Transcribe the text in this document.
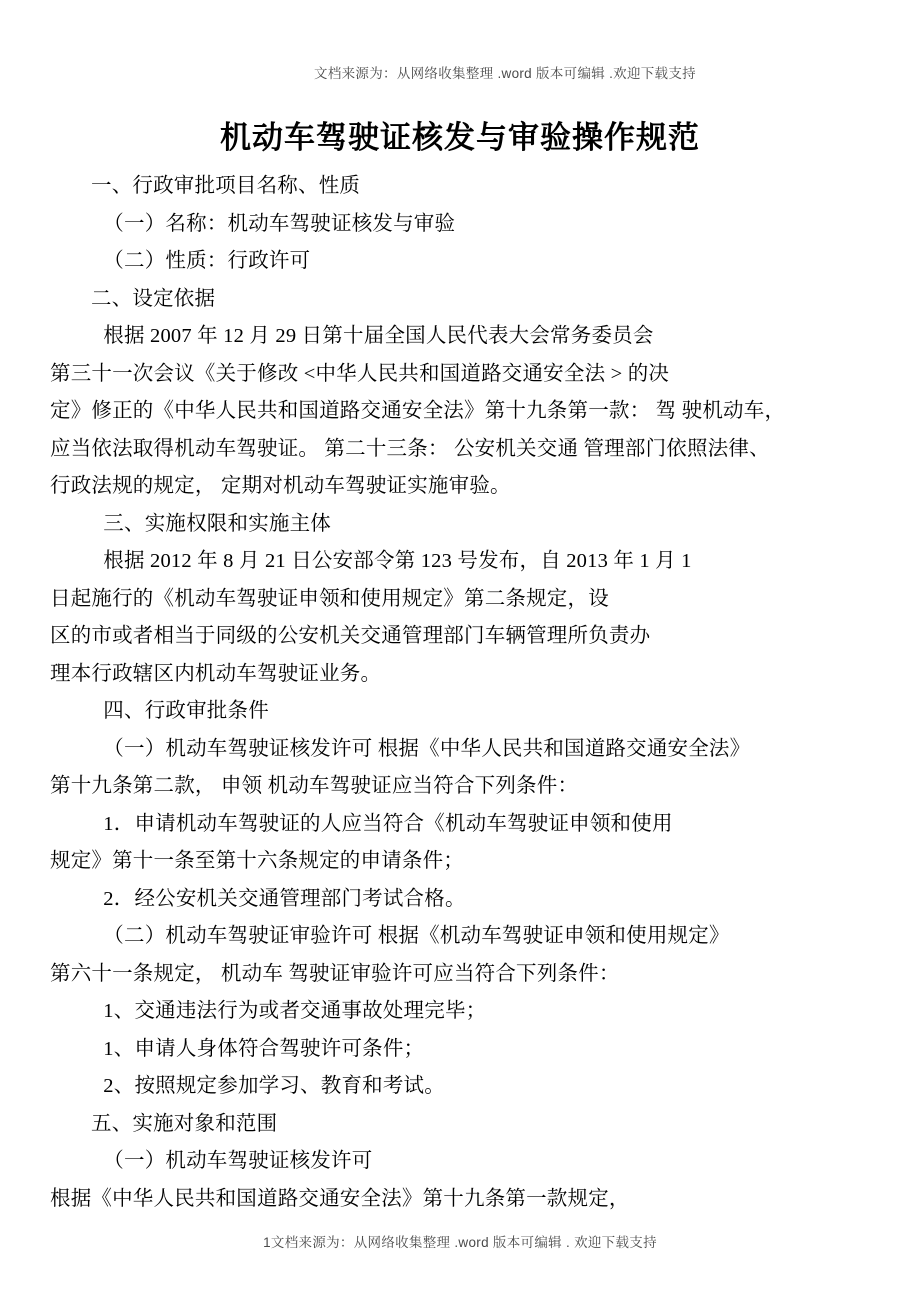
文档来源为：从网络收集整理 .word 版本可编辑 .欢迎下载支持
机动车驾驶证核发与审验操作规范
一、行政审批项目名称、性质
（一）名称：机动车驾驶证核发与审验
（二）性质：行政许可
二、设定依据
根据 2007 年 12 月 29 日第十届全国人民代表大会常务委员会
第三十一次会议《关于修改 <中华人民共和国道路交通安全法 > 的决
定》修正的《中华人民共和国道路交通安全法》第十九条第一款： 驾 驶机动车，
应当依法取得机动车驾驶证。 第二十三条： 公安机关交通 管理部门依照法律、
行政法规的规定， 定期对机动车驾驶证实施审验。
三、实施权限和实施主体
根据 2012 年 8 月 21 日公安部令第 123 号发布，自 2013 年 1 月 1
日起施行的《机动车驾驶证申领和使用规定》第二条规定，设
区的市或者相当于同级的公安机关交通管理部门车辆管理所负责办
理本行政辖区内机动车驾驶证业务。
四、行政审批条件
（一）机动车驾驶证核发许可 根据《中华人民共和国道路交通安全法》
第十九条第二款， 申领 机动车驾驶证应当符合下列条件：
1．申请机动车驾驶证的人应当符合《机动车驾驶证申领和使用
规定》第十一条至第十六条规定的申请条件；
2．经公安机关交通管理部门考试合格。
（二）机动车驾驶证审验许可 根据《机动车驾驶证申领和使用规定》
第六十一条规定， 机动车 驾驶证审验许可应当符合下列条件：
1、交通违法行为或者交通事故处理完毕；
1、申请人身体符合驾驶许可条件；
2、按照规定参加学习、教育和考试。
五、实施对象和范围
（一）机动车驾驶证核发许可
根据《中华人民共和国道路交通安全法》第十九条第一款规定，
1文档来源为：从网络收集整理 .word 版本可编辑 . 欢迎下载支持
